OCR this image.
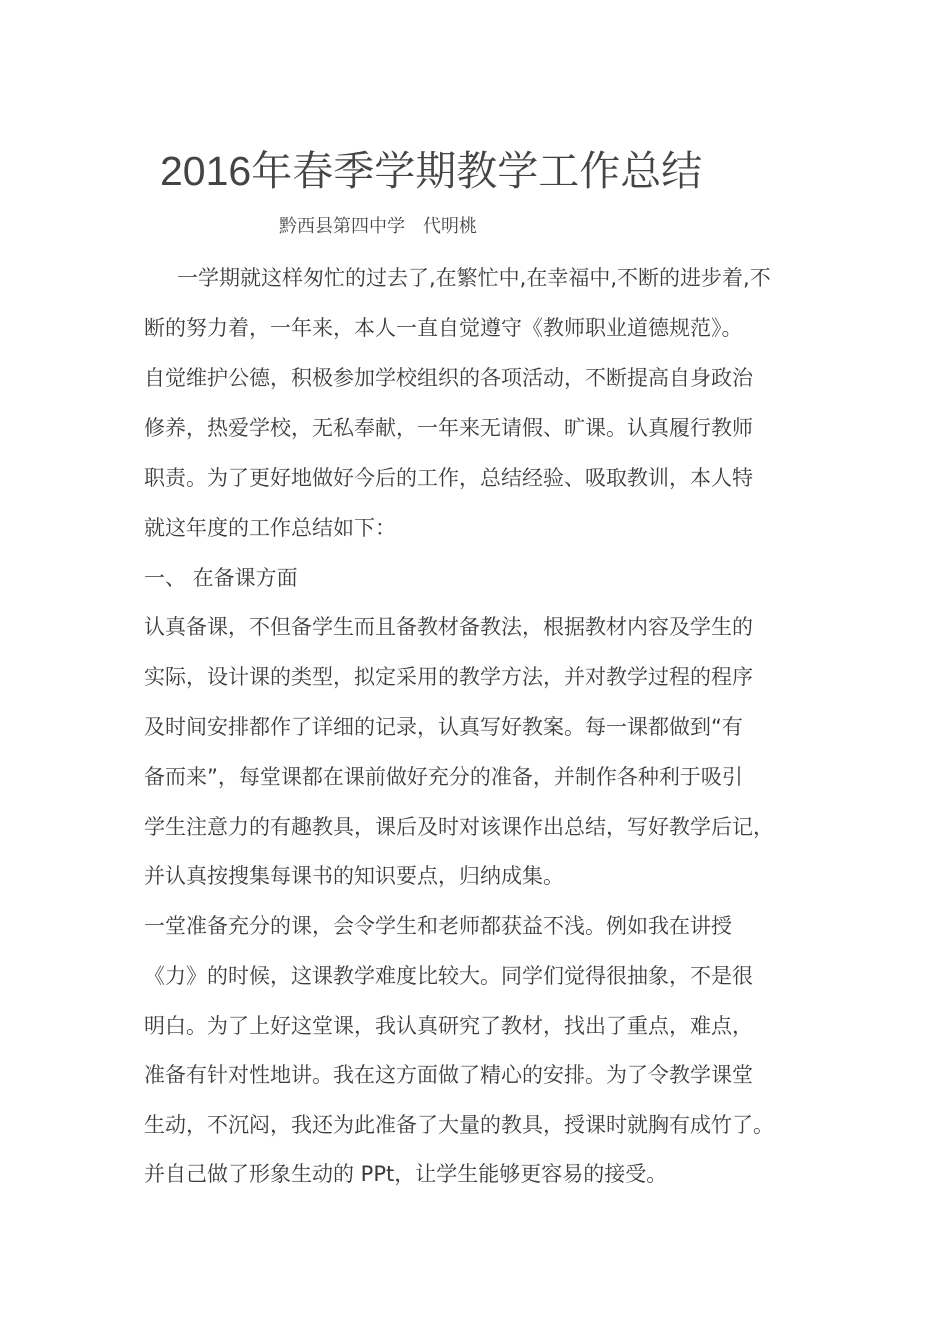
2016年春季学期教学工作总结
黔西县第四中学 代明桃
一学期就这样匆忙的过去了,在繁忙中,在幸福中,不断的进步着,不
断的努力着，一年来，本人一直自觉遵守《教师职业道德规范》。
自觉维护公德，积极参加学校组织的各项活动，不断提高自身政治
修养，热爱学校，无私奉献，一年来无请假、旷课。认真履行教师
职责。为了更好地做好今后的工作，总结经验、吸取教训，本人特
就这年度的工作总结如下：
一、 在备课方面
认真备课，不但备学生而且备教材备教法，根据教材内容及学生的
实际，设计课的类型，拟定采用的教学方法，并对教学过程的程序
及时间安排都作了详细的记录，认真写好教案。每一课都做到“有
备而来”，每堂课都在课前做好充分的准备，并制作各种利于吸引
学生注意力的有趣教具，课后及时对该课作出总结，写好教学后记，
并认真按搜集每课书的知识要点，归纳成集。
一堂准备充分的课，会令学生和老师都获益不浅。例如我在讲授
《力》的时候，这课教学难度比较大。同学们觉得很抽象，不是很
明白。为了上好这堂课，我认真研究了教材，找出了重点，难点，
准备有针对性地讲。我在这方面做了精心的安排。为了令教学课堂
生动，不沉闷，我还为此准备了大量的教具，授课时就胸有成竹了。
并自己做了形象生动的 PPt，让学生能够更容易的接受。
